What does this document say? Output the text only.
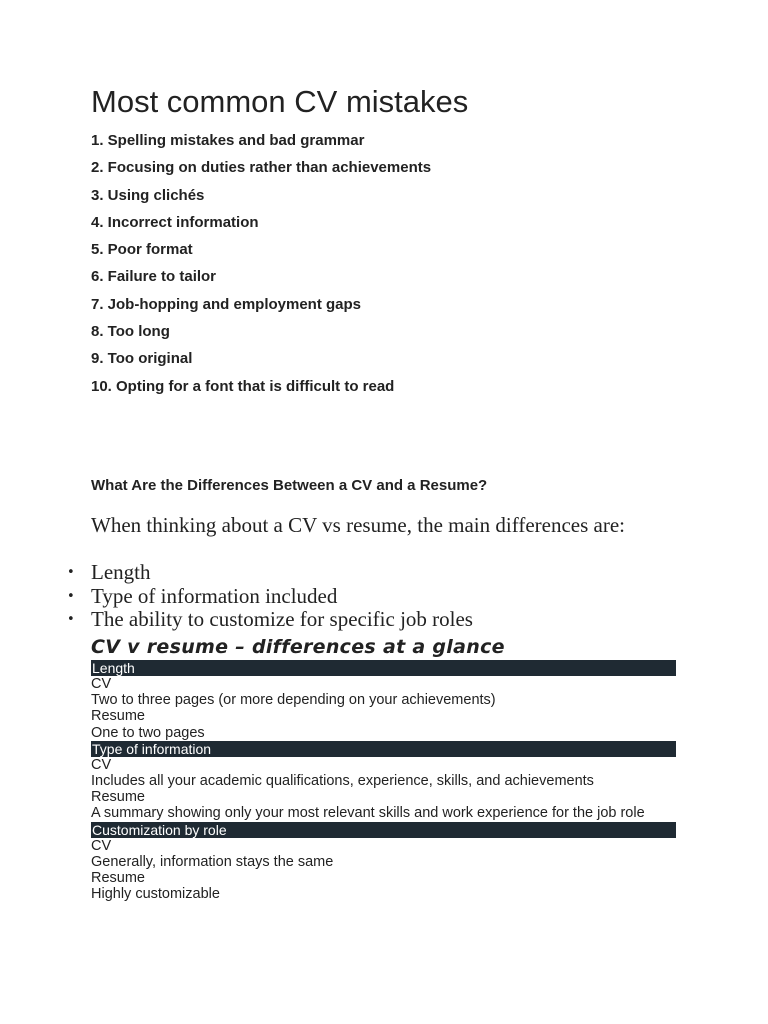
Most common CV mistakes
1. Spelling mistakes and bad grammar
2. Focusing on duties rather than achievements
3. Using clichés
4. Incorrect information
5. Poor format
6. Failure to tailor
7. Job-hopping and employment gaps
8. Too long
9. Too original
10. Opting for a font that is difficult to read
What Are the Differences Between a CV and a Resume?
When thinking about a CV vs resume, the main differences are:
• Length
• Type of information included
• The ability to customize for specific job roles
CV v resume – differences at a glance
Length
CV
Two to three pages (or more depending on your achievements)
Resume
One to two pages
Type of information
CV
Includes all your academic qualifications, experience, skills, and achievements
Resume
A summary showing only your most relevant skills and work experience for the job role
Customization by role
CV
Generally, information stays the same
Resume
Highly customizable
